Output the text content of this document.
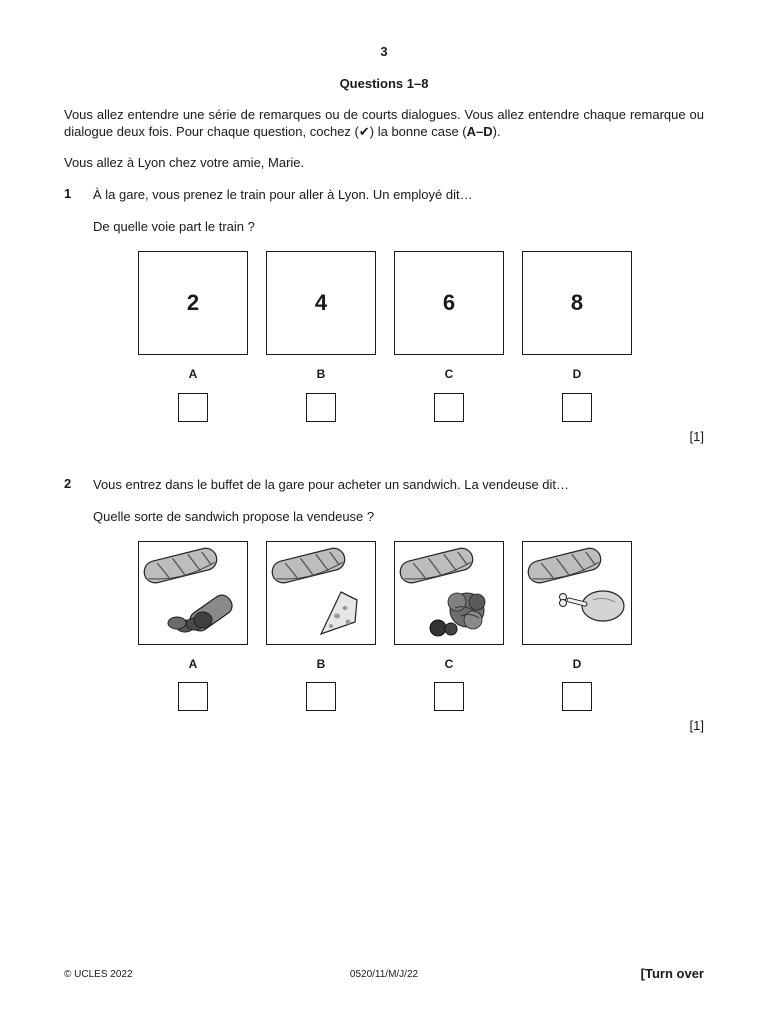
3
Questions 1–8
Vous allez entendre une série de remarques ou de courts dialogues. Vous allez entendre chaque remarque ou dialogue deux fois. Pour chaque question, cochez (✔) la bonne case (A–D).
Vous allez à Lyon chez votre amie, Marie.
1 À la gare, vous prenez le train pour aller à Lyon. Un employé dit…
De quelle voie part le train ?
2	4	6	8
A	B	C	D
[1]
2 Vous entrez dans le buffet de la gare pour acheter un sandwich. La vendeuse dit…
Quelle sorte de sandwich propose la vendeuse ?
A	B	C	D
[1]
© UCLES 2022	0520/11/M/J/22	[Turn over
